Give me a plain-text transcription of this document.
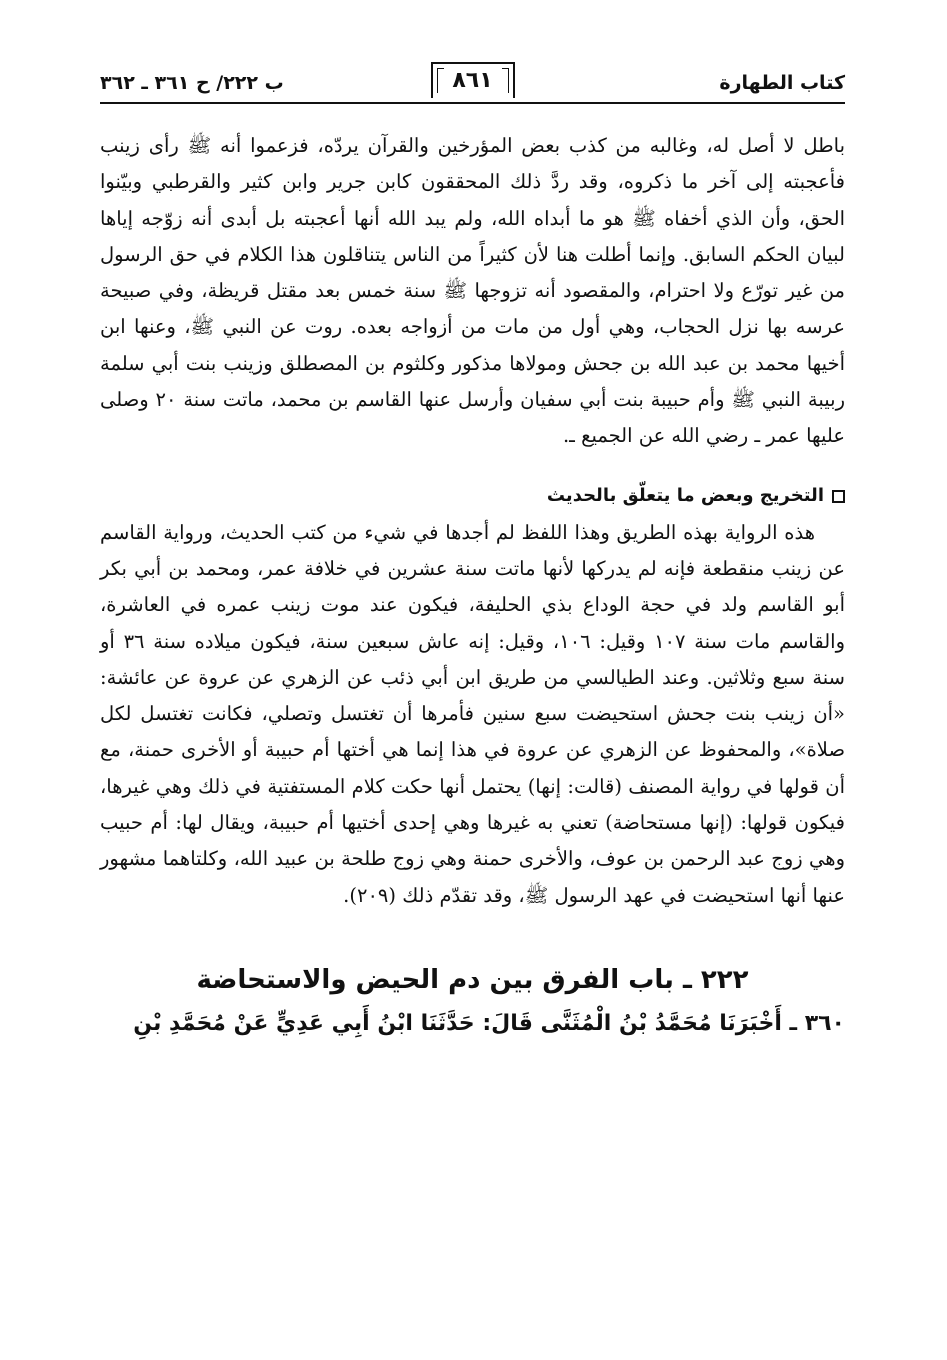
كتاب الطهارة
٨٦١
ب ٢٢٢/ ح ٣٦١ ـ ٣٦٢

باطل لا أصل له، وغالبه من كذب بعض المؤرخين والقرآن يردّه، فزعموا أنه ﷺ رأى زينب فأعجبته إلى آخر ما ذكروه، وقد ردَّ ذلك المحققون كابن جرير وابن كثير والقرطبي وبيّنوا الحق، وأن الذي أخفاه ﷺ هو ما أبداه الله، ولم يبد الله أنها أعجبته بل أبدى أنه زوّجه إياها لبيان الحكم السابق. وإنما أطلت هنا لأن كثيراً من الناس يتناقلون هذا الكلام في حق الرسول من غير تورّع ولا احترام، والمقصود أنه تزوجها ﷺ سنة خمس بعد مقتل قريظة، وفي صبيحة عرسه بها نزل الحجاب، وهي أول من مات من أزواجه بعده. روت عن النبي ﷺ، وعنها ابن أخيها محمد بن عبد الله بن جحش ومولاها مذكور وكلثوم بن المصطلق وزينب بنت أبي سلمة ربيبة النبي ﷺ وأم حبيبة بنت أبي سفيان وأرسل عنها القاسم بن محمد، ماتت سنة ٢٠ وصلى عليها عمر ـ رضي الله عن الجميع ـ.

التخريج وبعض ما يتعلّق بالحديث

هذه الرواية بهذه الطريق وهذا اللفظ لم أجدها في شيء من كتب الحديث، ورواية القاسم عن زينب منقطعة فإنه لم يدركها لأنها ماتت سنة عشرين في خلافة عمر، ومحمد بن أبي بكر أبو القاسم ولد في حجة الوداع بذي الحليفة، فيكون عند موت زينب عمره في العاشرة، والقاسم مات سنة ١٠٧ وقيل: ١٠٦، وقيل: إنه عاش سبعين سنة، فيكون ميلاده سنة ٣٦ أو سنة سبع وثلاثين. وعند الطيالسي من طريق ابن أبي ذئب عن الزهري عن عروة عن عائشة: «أن زينب بنت جحش استحيضت سبع سنين فأمرها أن تغتسل وتصلي، فكانت تغتسل لكل صلاة»، والمحفوظ عن الزهري عن عروة في هذا إنما هي أختها أم حبيبة أو الأخرى حمنة، مع أن قولها في رواية المصنف (قالت: إنها) يحتمل أنها حكت كلام المستفتية في ذلك وهي غيرها، فيكون قولها: (إنها مستحاضة) تعني به غيرها وهي إحدى أختيها أم حبيبة، ويقال لها: أم حبيب وهي زوج عبد الرحمن بن عوف، والأخرى حمنة وهي زوج طلحة بن عبيد الله، وكلتاهما مشهور عنها أنها استحيضت في عهد الرسول ﷺ، وقد تقدّم ذلك (٢٠٩).

٢٢٢ ـ باب الفرق بين دم الحيض والاستحاضة
٣٦٠ ـ أَخْبَرَنَا مُحَمَّدُ بْنُ الْمُثَنَّى قَالَ: حَدَّثَنَا ابْنُ أَبِي عَدِيٍّ عَنْ مُحَمَّدِ بْنِ
